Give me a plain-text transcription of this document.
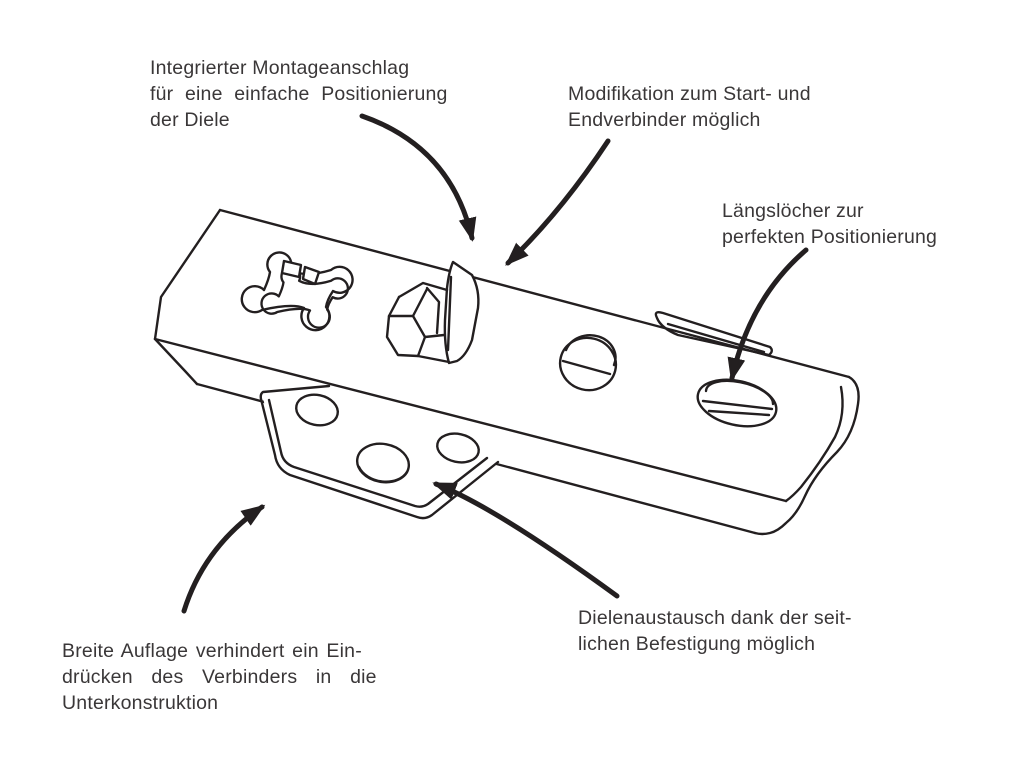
Integrierter Montageanschlag
für eine einfache Positionierung
der Diele
Modifikation zum Start- und
Endverbinder möglich
Längslöcher zur
perfekten Positionierung
Breite Auflage verhindert ein Ein-
drücken des Verbinders in die
Unterkonstruktion
Dielenaustausch dank der seit-
lichen Befestigung möglich
